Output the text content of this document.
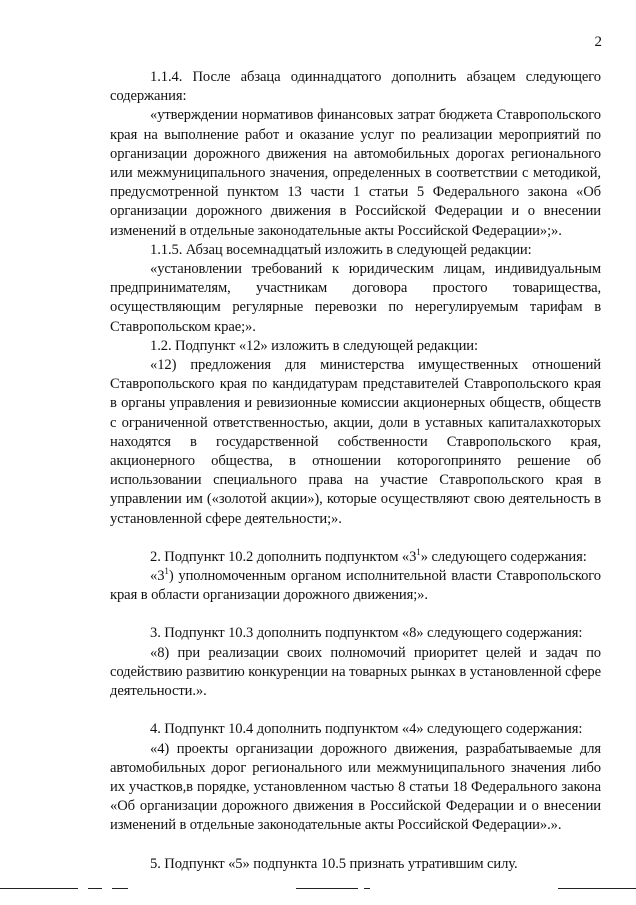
2

1.1.4. После абзаца одиннадцатого дополнить абзацем следующего содержания:

«утверждении нормативов финансовых затрат бюджета Ставропольского края на выполнение работ и оказание услуг по реализации мероприятий по организации дорожного движения на автомобильных дорогах регионального или межмуниципального значения, определенных в соответствии с методикой, предусмотренной пунктом 13 части 1 статьи 5 Федерального закона «Об организации дорожного движения в Российской Федерации и о внесении изменений в отдельные законодательные акты Российской Федерации»;».

1.1.5. Абзац восемнадцатый изложить в следующей редакции:

«установлении требований к юридическим лицам, индивидуальным предпринимателям, участникам договора простого товарищества, осуществляющим регулярные перевозки по нерегулируемым тарифам в Ставропольском крае;».

1.2. Подпункт «12» изложить в следующей редакции:

«12) предложения для министерства имущественных отношений Ставропольского края по кандидатурам представителей Ставропольского края в органы управления и ревизионные комиссии акционерных обществ, обществ с ограниченной ответственностью, акции, доли в уставных капиталахкоторых находятся в государственной собственности Ставропольского края, акционерного общества, в отношении которогопринято решение об использовании специального права на участие Ставропольского края в управлении им («золотой акции»), которые осуществляют свою деятельность в установленной сфере деятельности;».

2. Подпункт 10.2 дополнить подпунктом «$3^1$» следующего содержания:

«$3^1$) уполномоченным органом исполнительной власти Ставропольского края в области организации дорожного движения;».

3. Подпункт 10.3 дополнить подпунктом «8» следующего содержания:

«8) при реализации своих полномочий приоритет целей и задач по содействию развитию конкуренции на товарных рынках в установленной сфере деятельности.».

4. Подпункт 10.4 дополнить подпунктом «4» следующего содержания:

«4) проекты организации дорожного движения, разрабатываемые для автомобильных дорог регионального или межмуниципального значения либо их участков,в порядке, установленном частью 8 статьи 18 Федерального закона «Об организации дорожного движения в Российской Федерации и о внесении изменений в отдельные законодательные акты Российской Федерации».».

5. Подпункт «5» подпункта 10.5 признать утратившим силу.
